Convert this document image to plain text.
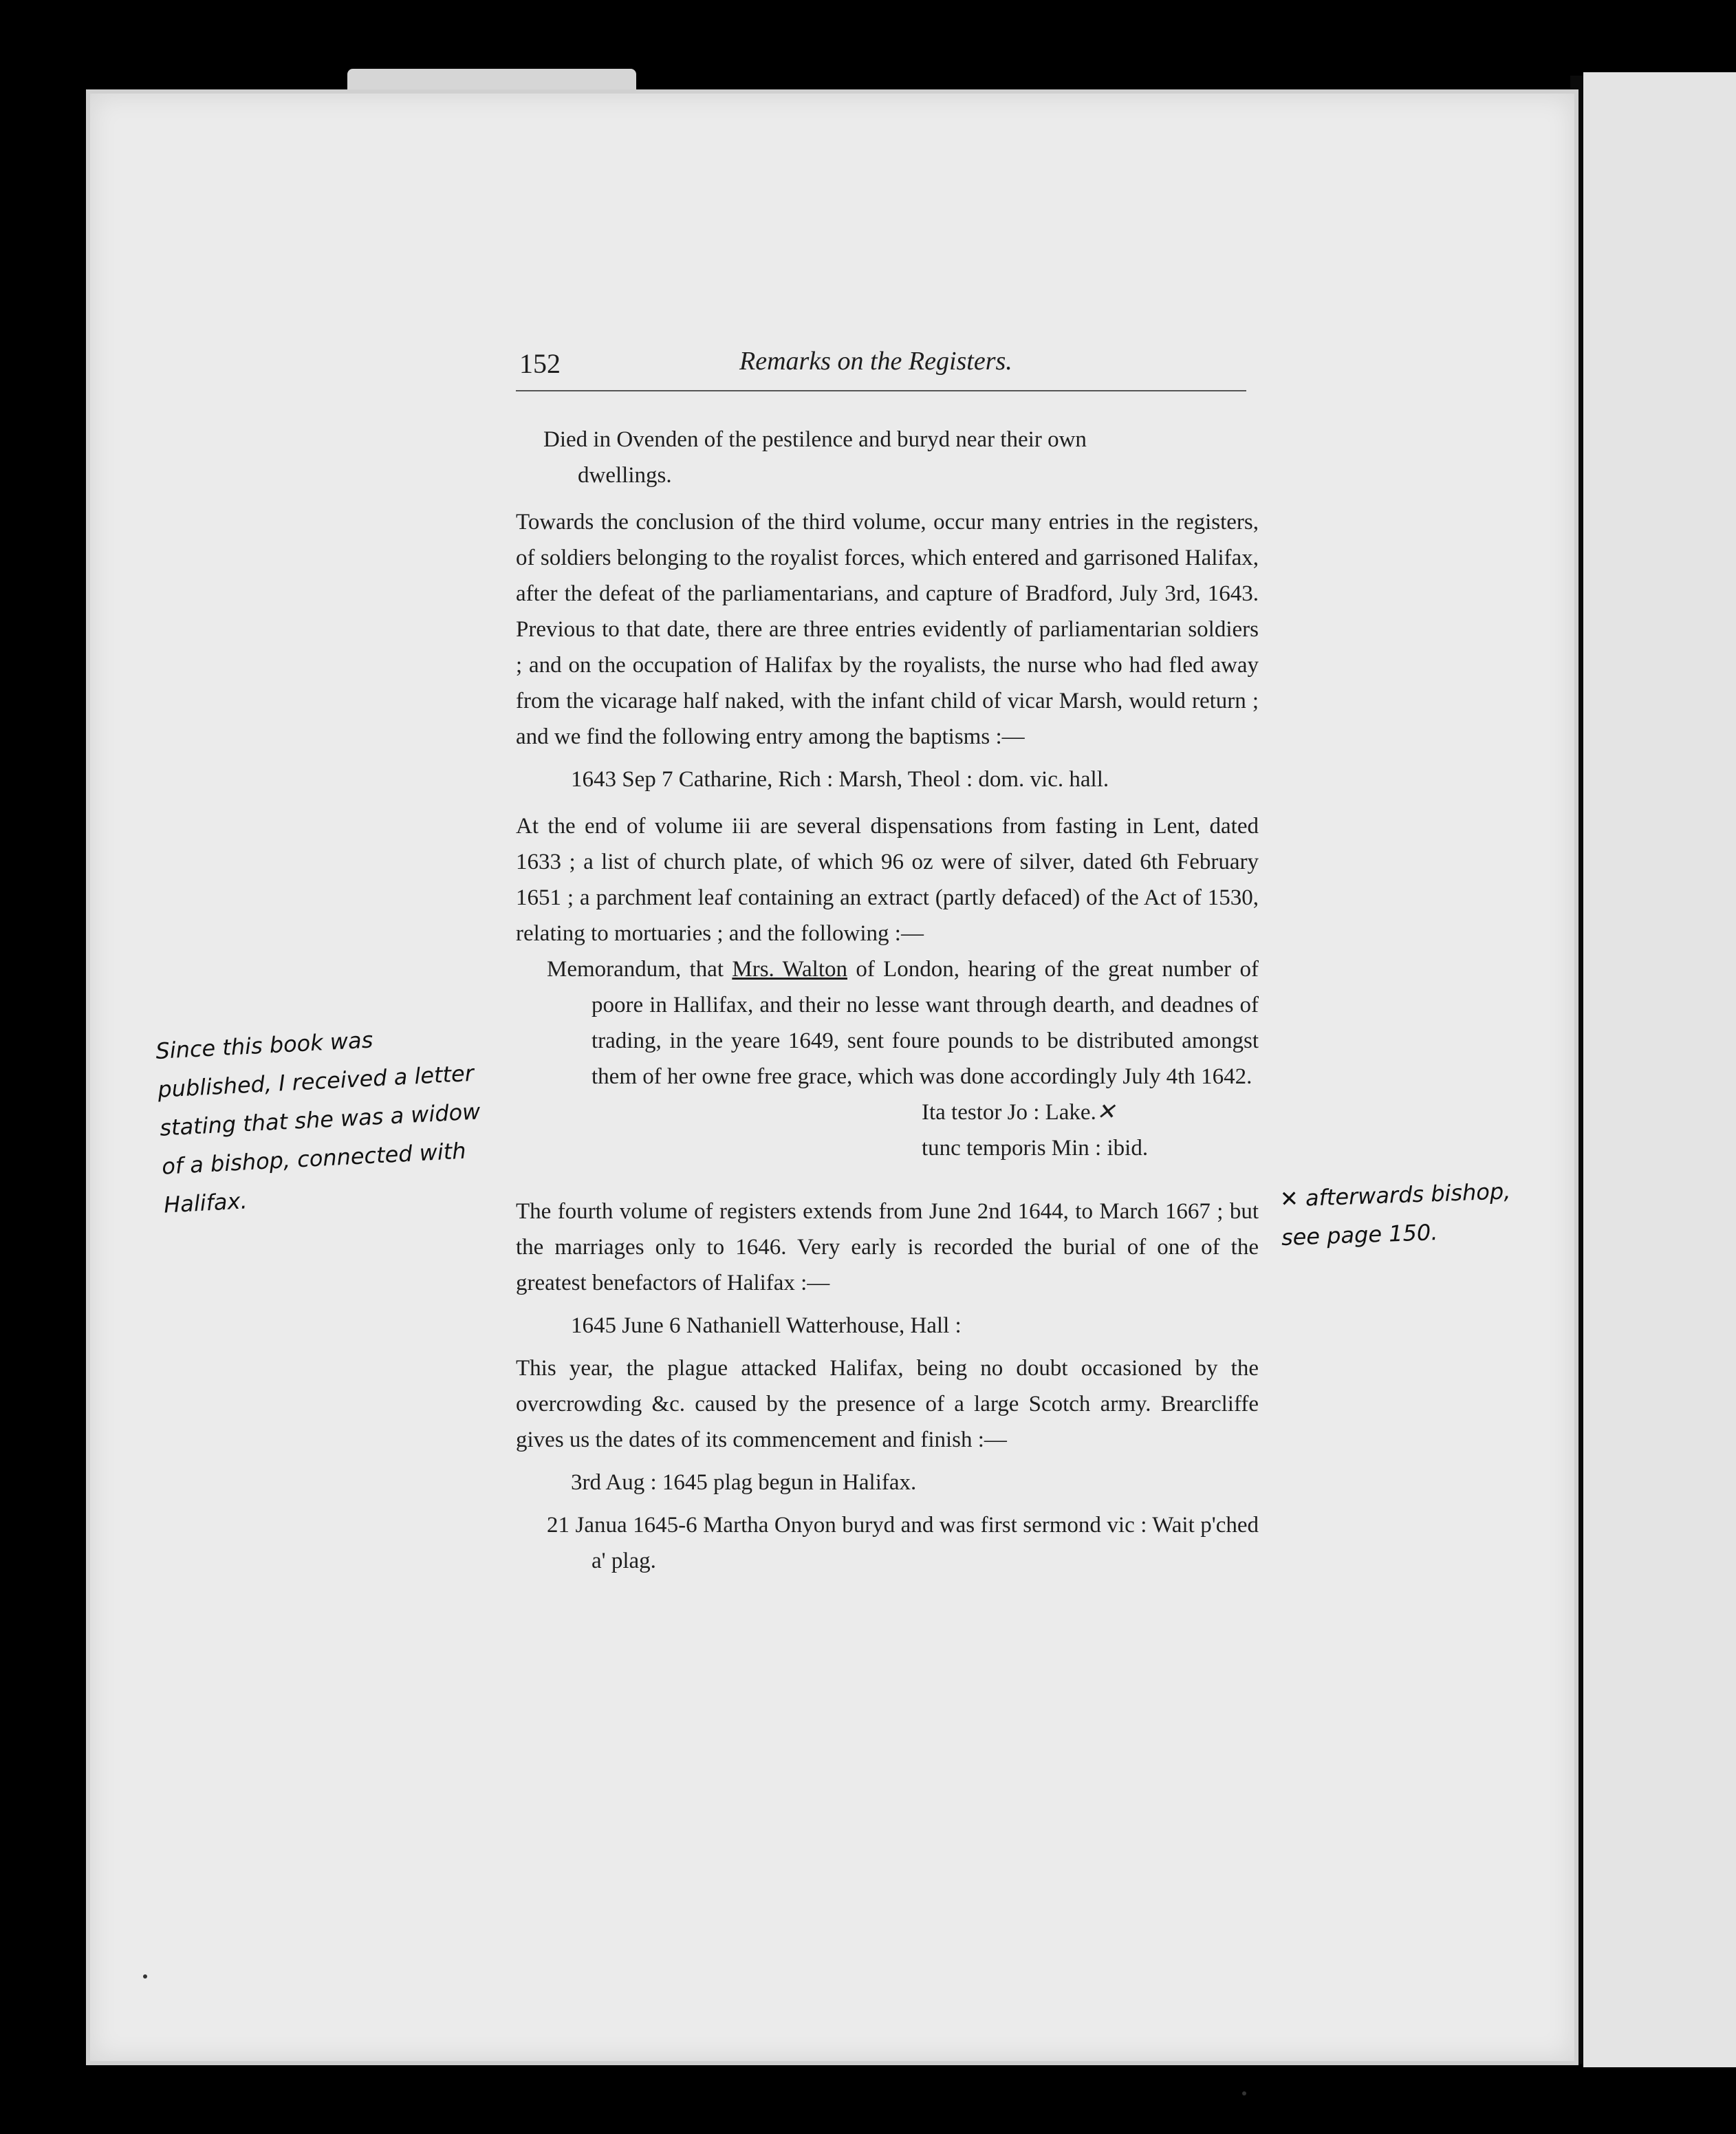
152	Remarks on the Registers.

Died in Ovenden of the pestilence and buryd near their own
dwellings.

Towards the conclusion of the third volume, occur many entries in the registers, of soldiers belonging to the royalist forces, which entered and garrisoned Halifax, after the defeat of the parliamentarians, and capture of Bradford, July 3rd, 1643. Previous to that date, there are three entries evidently of parliamentarian soldiers ; and on the occupation of Halifax by the royalists, the nurse who had fled away from the vicarage half naked, with the infant child of vicar Marsh, would return ; and we find the following entry among the baptisms :—

1643 Sep 7 Catharine, Rich : Marsh, Theol : dom. vic. hall.

At the end of volume iii are several dispensations from fasting in Lent, dated 1633 ; a list of church plate, of which 96 oz were of silver, dated 6th February 1651 ; a parchment leaf containing an extract (partly defaced) of the Act of 1530, relating to mortuaries ; and the following :—

Memorandum, that Mrs. Walton of London, hearing of the great number of poore in Hallifax, and their no lesse want through dearth, and deadnes of trading, in the yeare 1649, sent foure pounds to be distributed amongst them of her owne free grace, which was done accordingly July 4th 1642.

Ita testor Jo : Lake.✕

tunc temporis Min : ibid.

The fourth volume of registers extends from June 2nd 1644, to March 1667 ; but the marriages only to 1646. Very early is recorded the burial of one of the greatest benefactors of Halifax :—

1645 June 6 Nathaniell Watterhouse, Hall :

This year, the plague attacked Halifax, being no doubt occasioned by the overcrowding &c. caused by the presence of a large Scotch army. Brearcliffe gives us the dates of its commencement and finish :—

3rd Aug : 1645 plag begun in Halifax.

21 Janua 1645-6 Martha Onyon buryd and was first sermond vic : Wait p'ched a' plag.

Since this book was
published, I received a letter
stating that she was a widow
of a bishop, connected with
Halifax.	✕ afterwards bishop,
see page 150.
